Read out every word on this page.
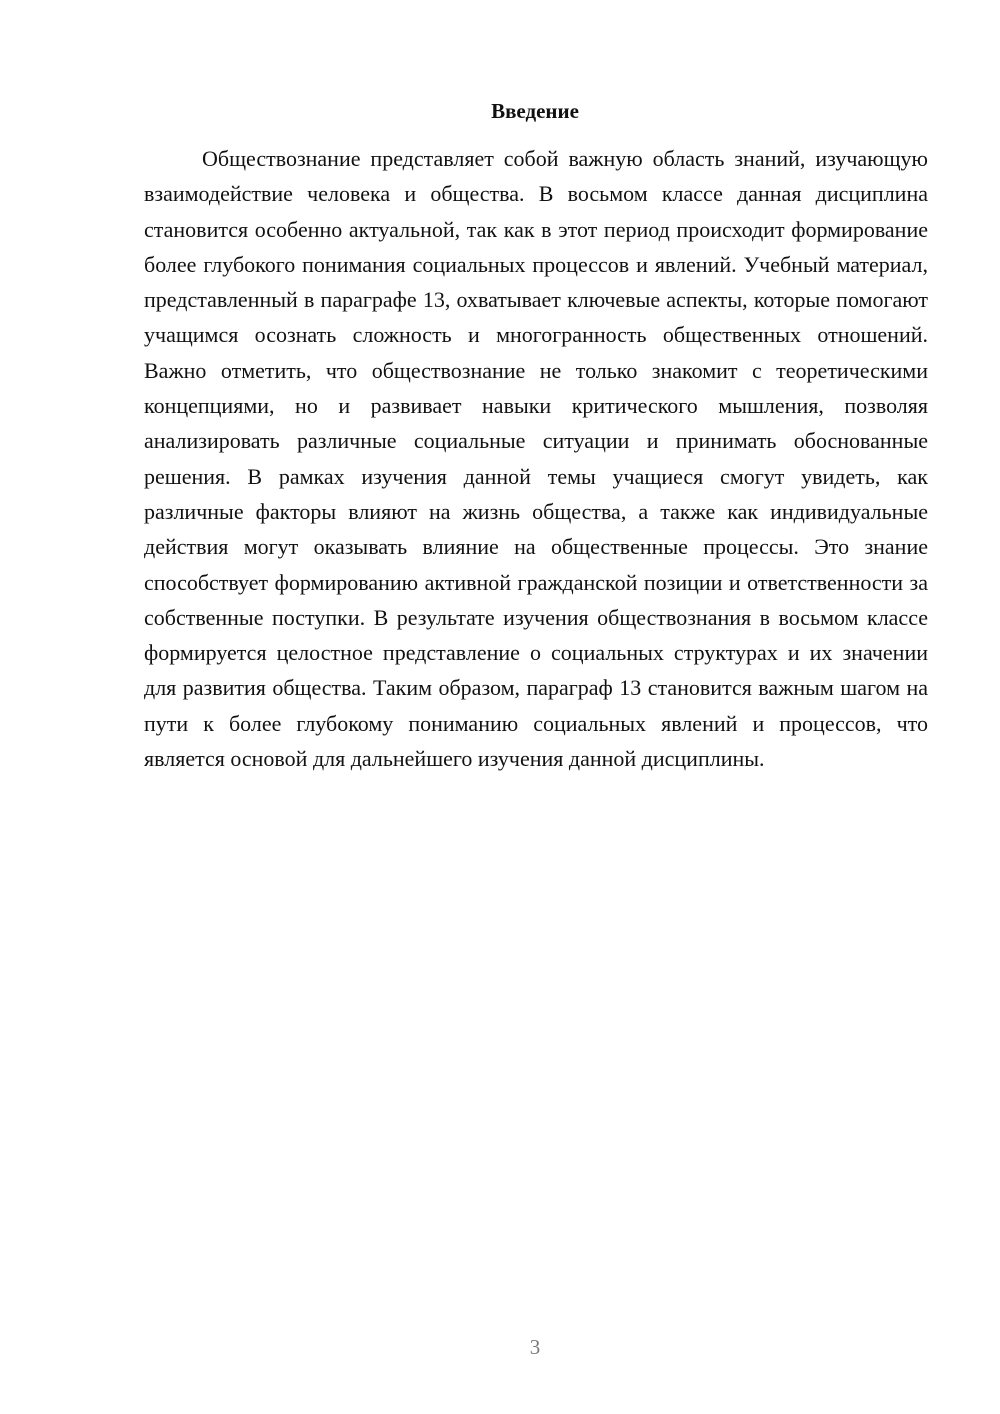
Введение

Обществознание представляет собой важную область знаний, изучающую взаимодействие человека и общества. В восьмом классе данная дисциплина становится особенно актуальной, так как в этот период происходит формирование более глубокого понимания социальных процессов и явлений. Учебный материал, представленный в параграфе 13, охватывает ключевые аспекты, которые помогают учащимся осознать сложность и многогранность общественных отношений. Важно отметить, что обществознание не только знакомит с теоретическими концепциями, но и развивает навыки критического мышления, позволяя анализировать различные социальные ситуации и принимать обоснованные решения. В рамках изучения данной темы учащиеся смогут увидеть, как различные факторы влияют на жизнь общества, а также как индивидуальные действия могут оказывать влияние на общественные процессы. Это знание способствует формированию активной гражданской позиции и ответственности за собственные поступки. В результате изучения обществознания в восьмом классе формируется целостное представление о социальных структурах и их значении для развития общества. Таким образом, параграф 13 становится важным шагом на пути к более глубокому пониманию социальных явлений и процессов, что является основой для дальнейшего изучения данной дисциплины.

3
